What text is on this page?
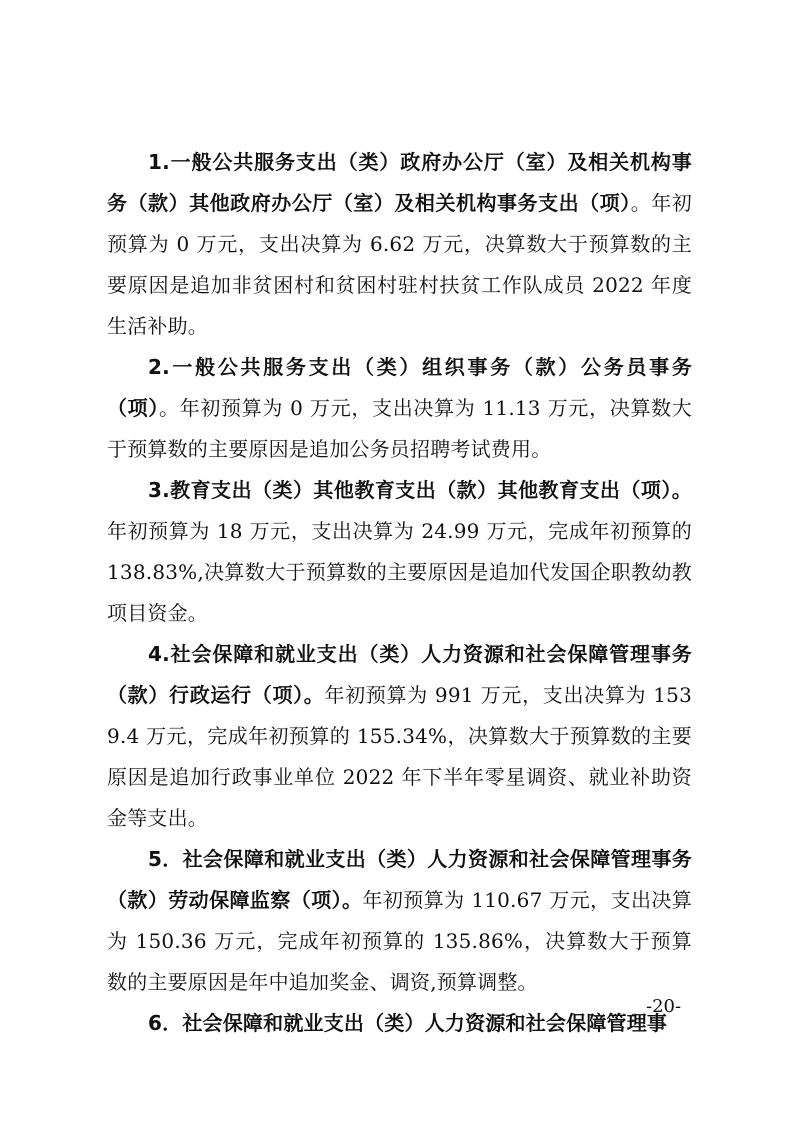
1.一般公共服务支出（类）政府办公厅（室）及相关机构事务（款）其他政府办公厅（室）及相关机构事务支出（项）。年初预算为 0 万元，支出决算为 6.62 万元，决算数大于预算数的主要原因是追加非贫困村和贫困村驻村扶贫工作队成员 2022 年度生活补助。

2.一般公共服务支出（类）组织事务（款）公务员事务（项）。年初预算为 0 万元，支出决算为 11.13 万元，决算数大于预算数的主要原因是追加公务员招聘考试费用。

3.教育支出（类）其他教育支出（款）其他教育支出（项）。年初预算为 18 万元，支出决算为 24.99 万元，完成年初预算的 138.83%,决算数大于预算数的主要原因是追加代发国企职教幼教项目资金。

4.社会保障和就业支出（类）人力资源和社会保障管理事务（款）行政运行（项）。年初预算为 991 万元，支出决算为 1539.4 万元，完成年初预算的 155.34%，决算数大于预算数的主要原因是追加行政事业单位 2022 年下半年零星调资、就业补助资金等支出。

5．社会保障和就业支出（类）人力资源和社会保障管理事务（款）劳动保障监察（项）。年初预算为 110.67 万元，支出决算为 150.36 万元，完成年初预算的 135.86%，决算数大于预算数的主要原因是年中追加奖金、调资,预算调整。

6．社会保障和就业支出（类）人力资源和社会保障管理事

-20-
